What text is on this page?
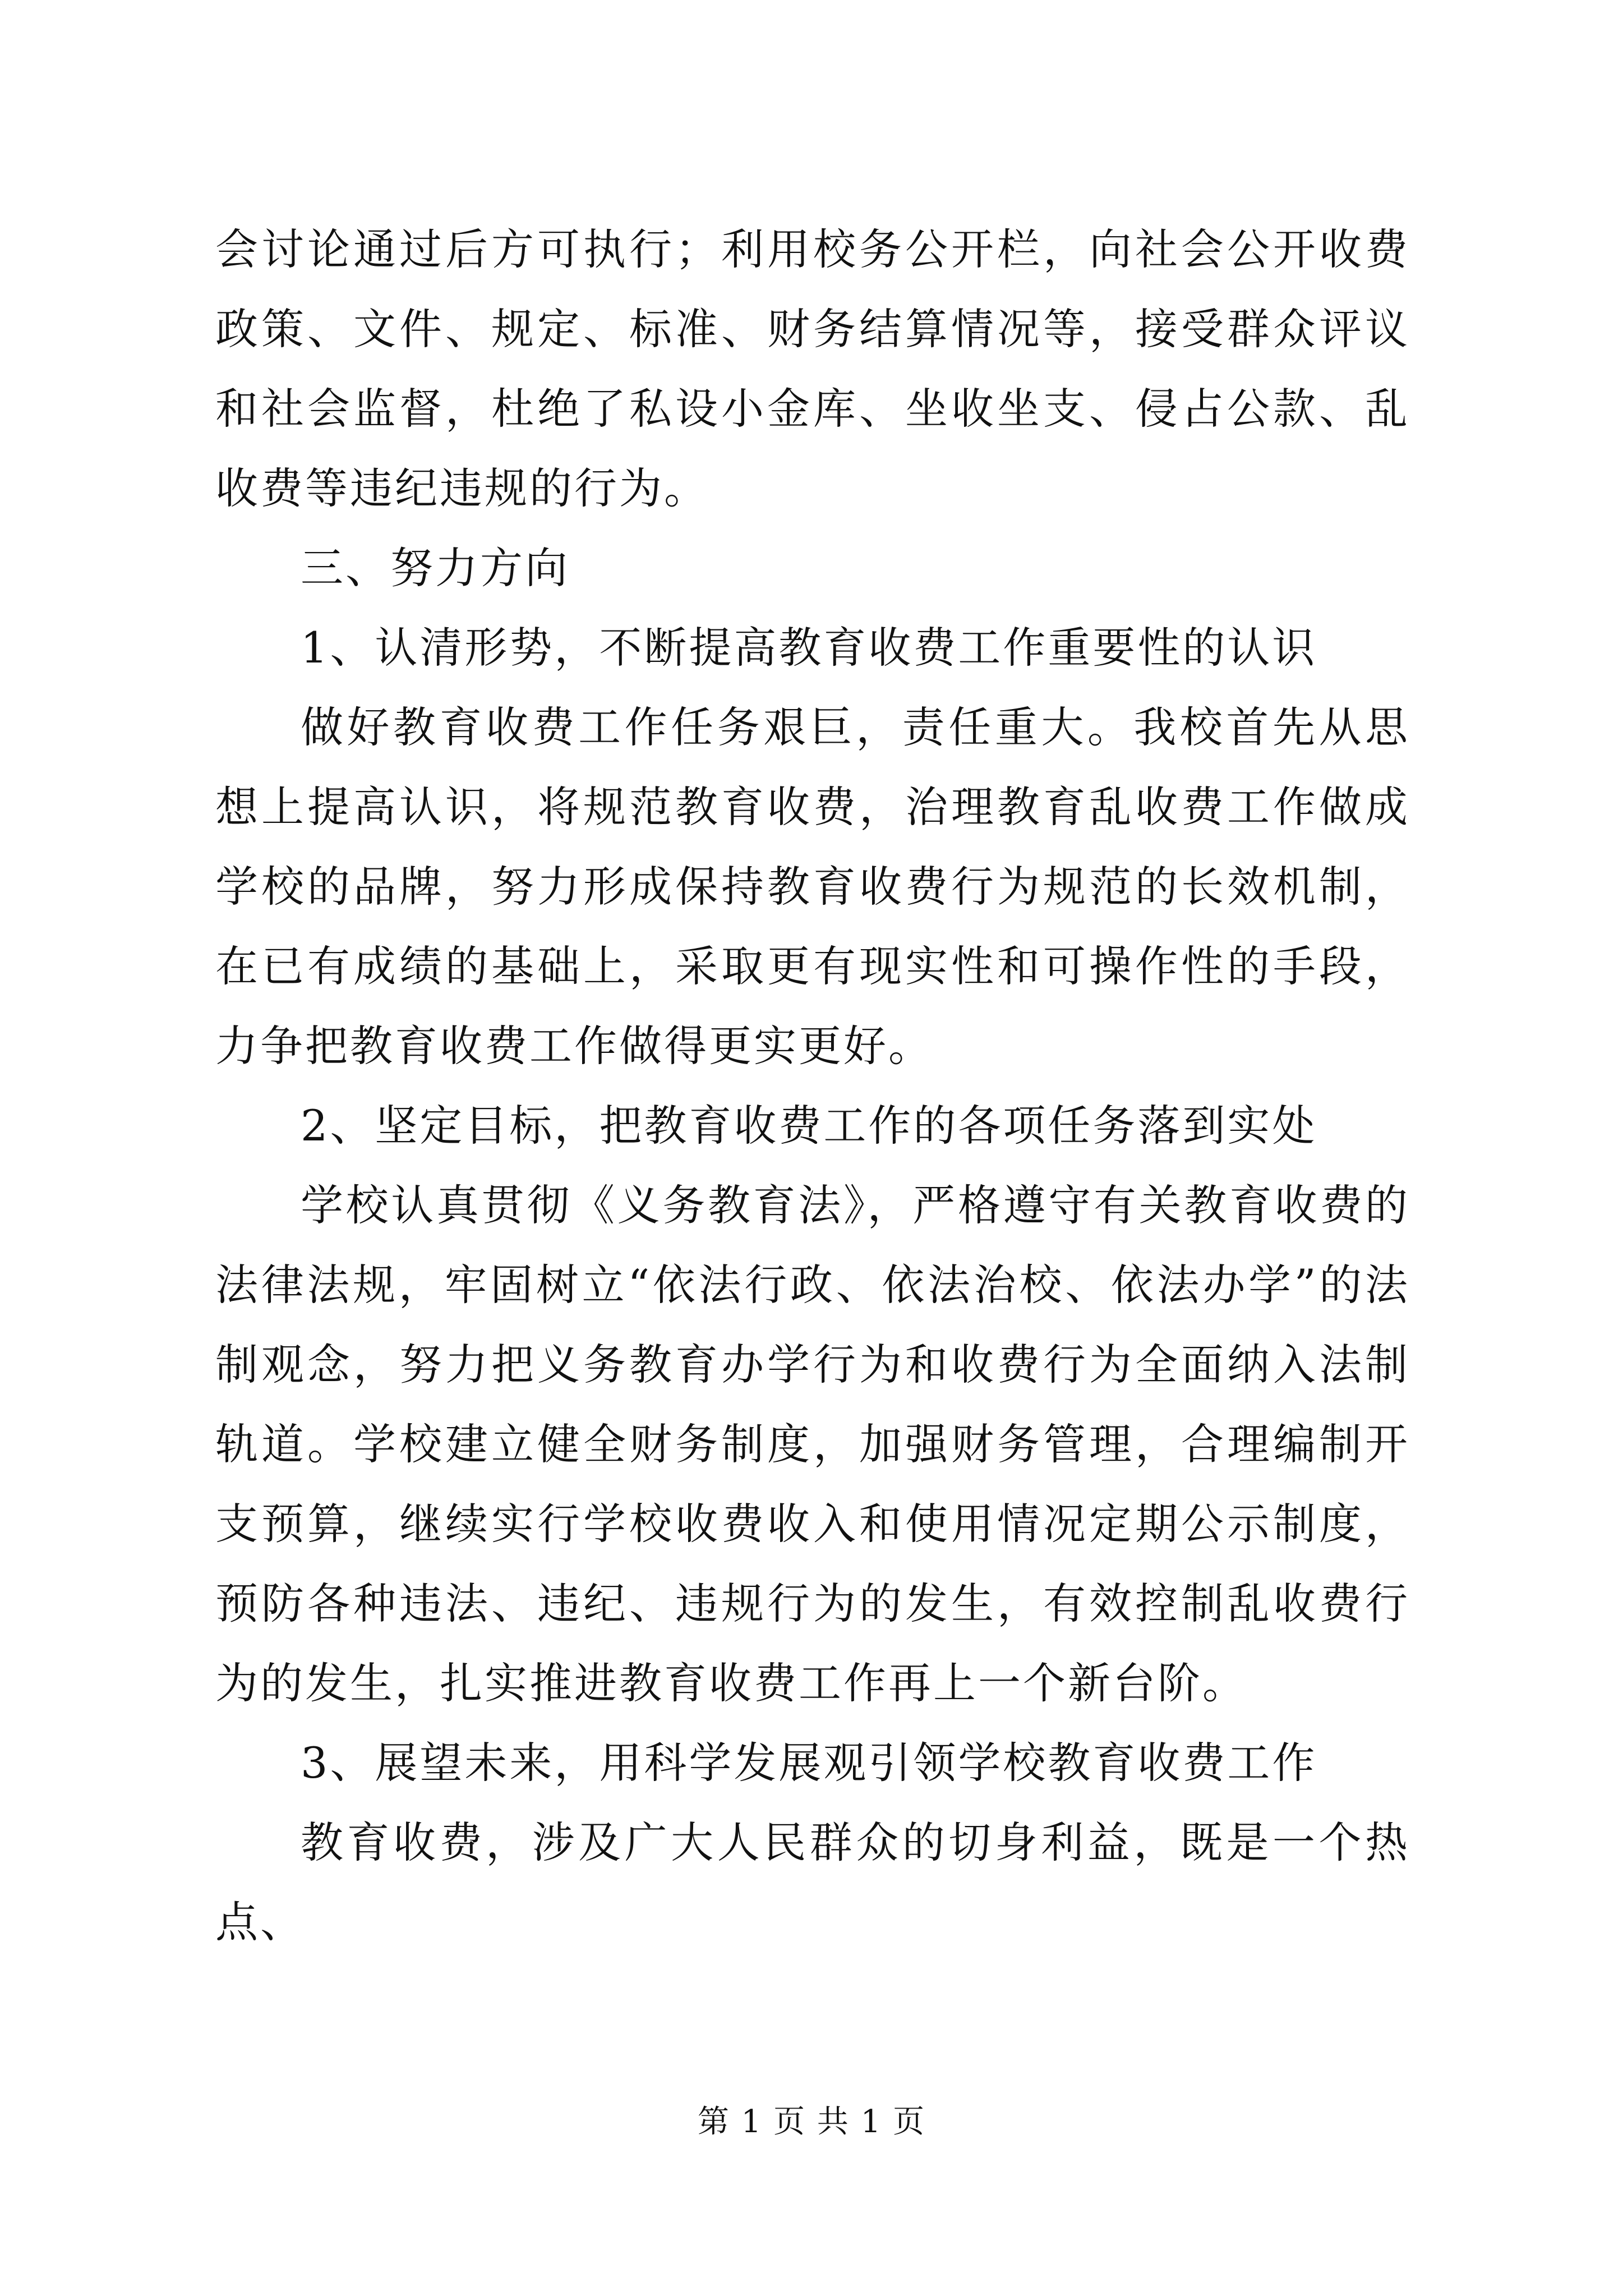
会讨论通过后方可执行；利用校务公开栏，向社会公开收费政策、文件、规定、标准、财务结算情况等，接受群众评议和社会监督，杜绝了私设小金库、坐收坐支、侵占公款、乱收费等违纪违规的行为。

三、努力方向

1、认清形势，不断提高教育收费工作重要性的认识

做好教育收费工作任务艰巨，责任重大。我校首先从思想上提高认识，将规范教育收费，治理教育乱收费工作做成学校的品牌，努力形成保持教育收费行为规范的长效机制，在已有成绩的基础上，采取更有现实性和可操作性的手段，力争把教育收费工作做得更实更好。

2、坚定目标，把教育收费工作的各项任务落到实处

学校认真贯彻《义务教育法》，严格遵守有关教育收费的法律法规，牢固树立“依法行政、依法治校、依法办学”的法制观念，努力把义务教育办学行为和收费行为全面纳入法制轨道。学校建立健全财务制度，加强财务管理，合理编制开支预算，继续实行学校收费收入和使用情况定期公示制度，预防各种违法、违纪、违规行为的发生，有效控制乱收费行为的发生，扎实推进教育收费工作再上一个新台阶。

3、展望未来，用科学发展观引领学校教育收费工作

教育收费，涉及广大人民群众的切身利益，既是一个热点、

第 1 页 共 1 页
